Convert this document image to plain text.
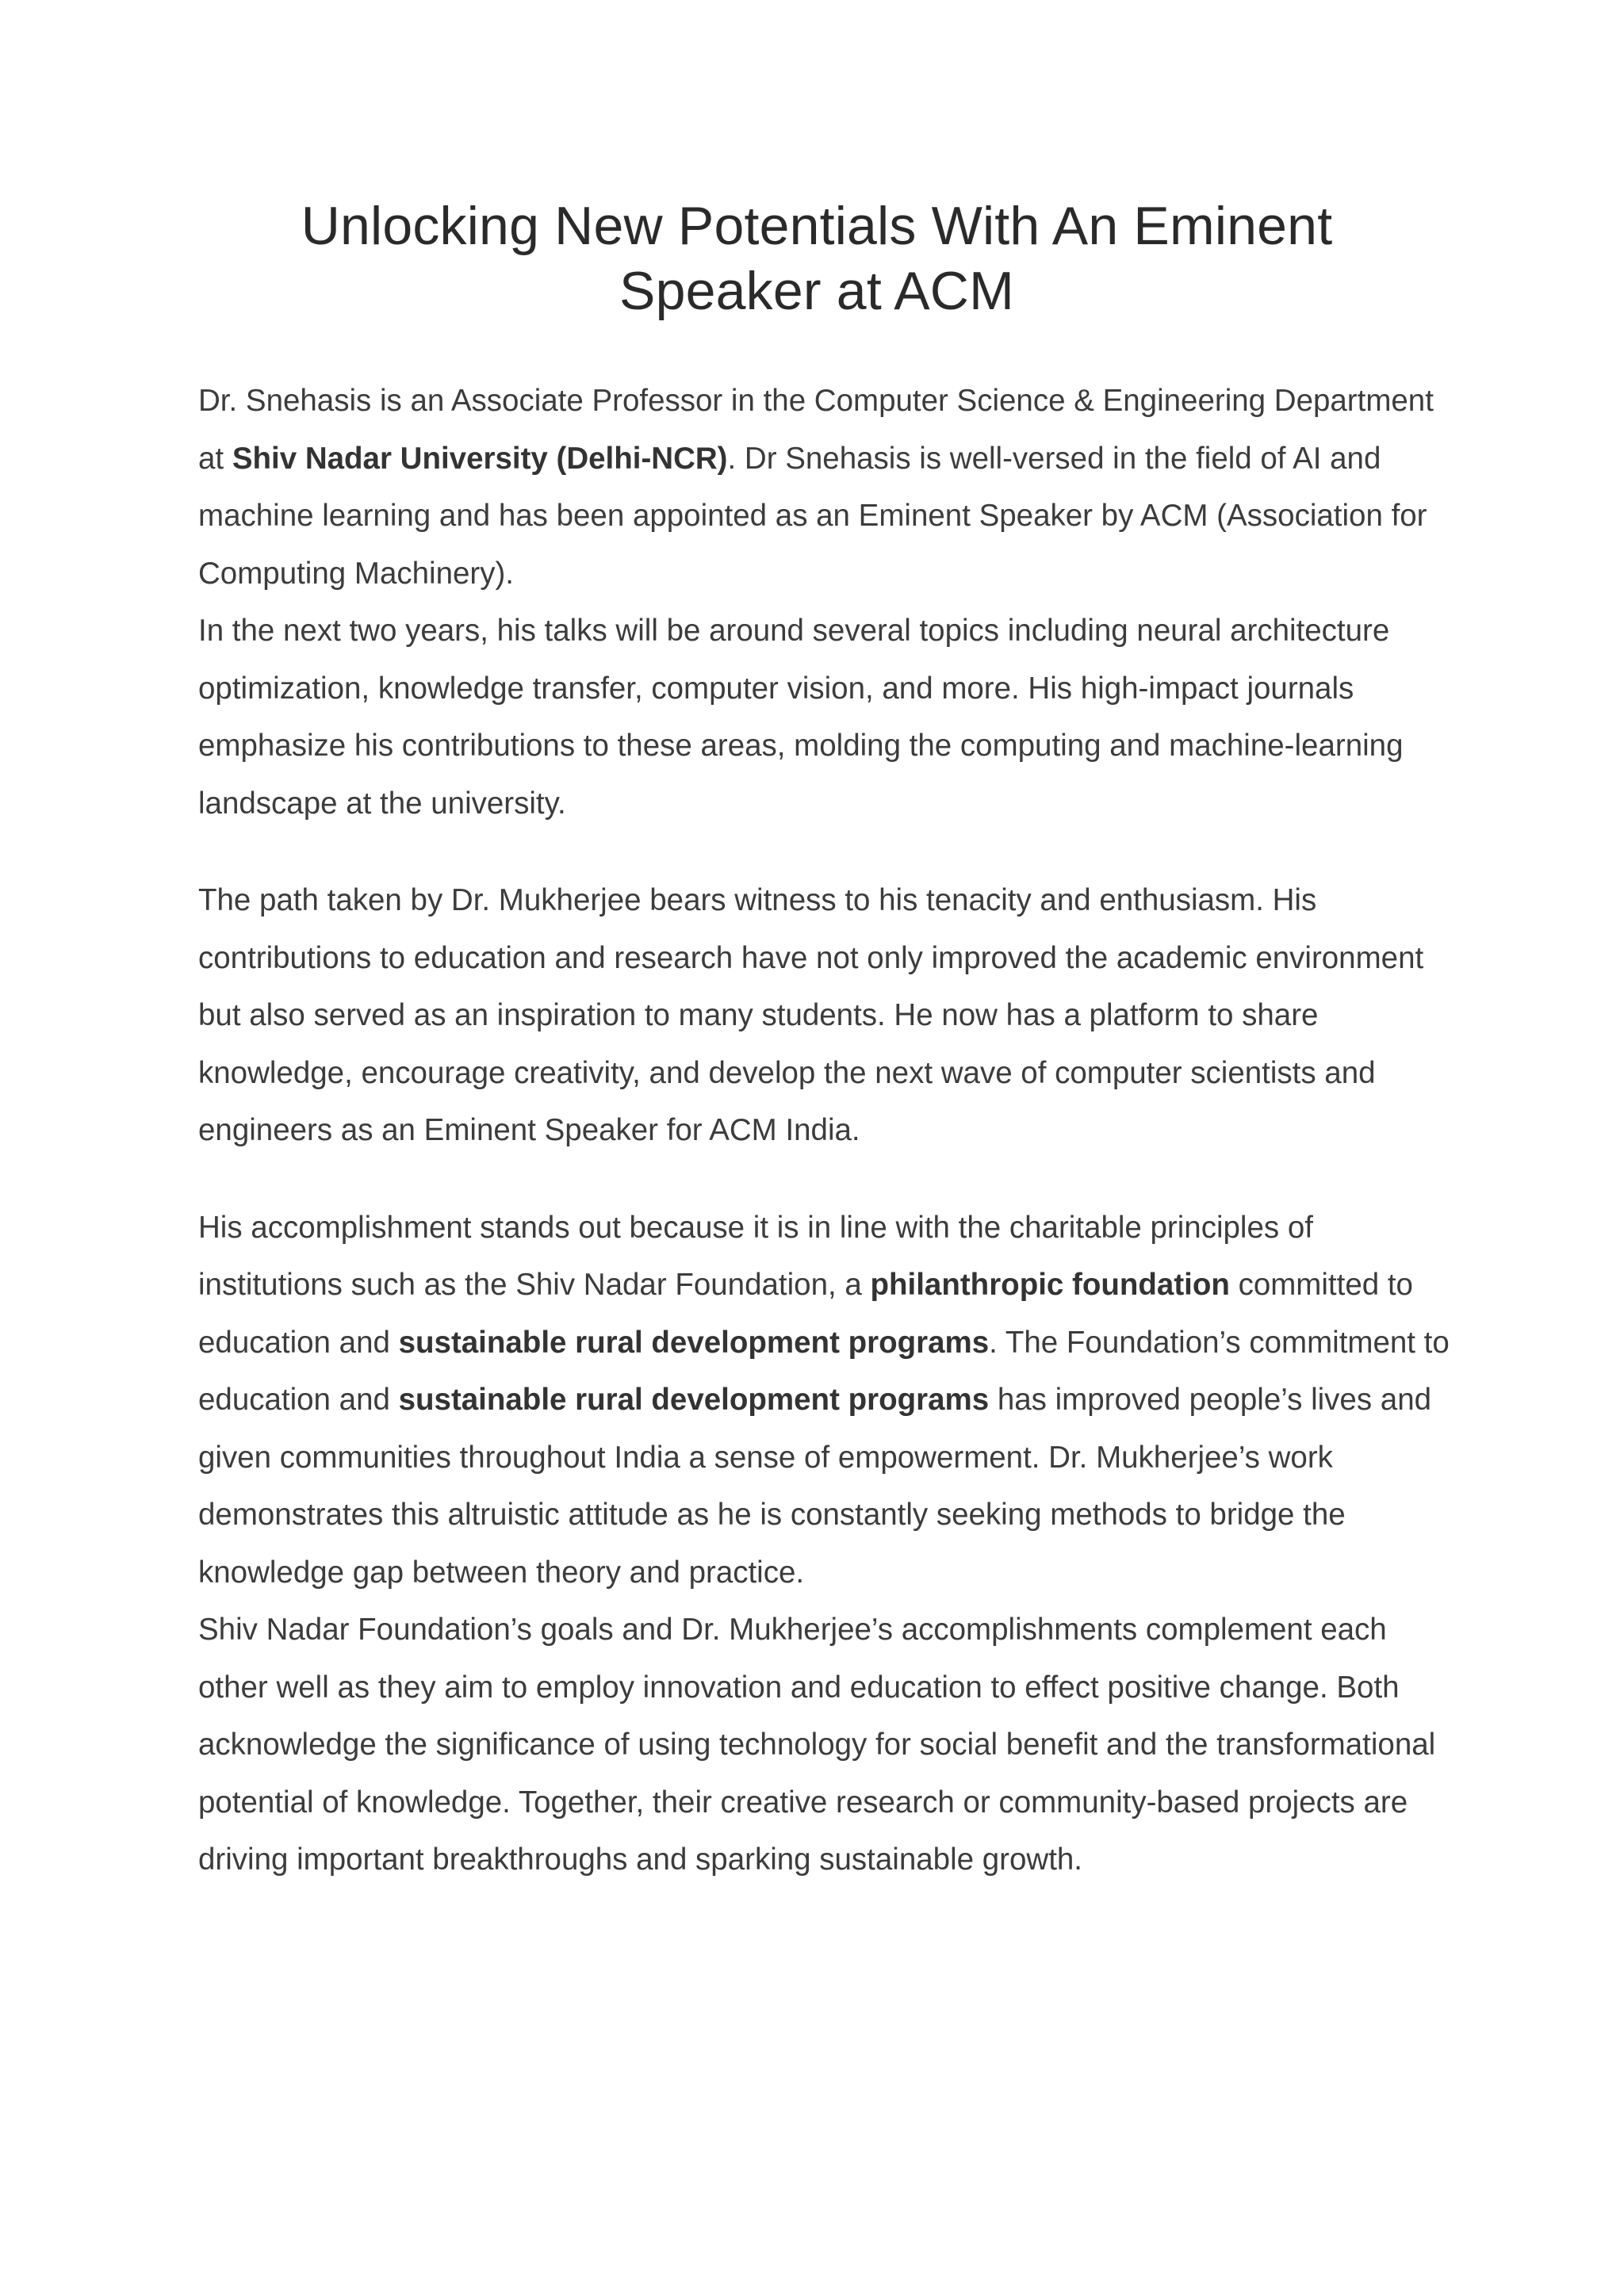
Unlocking New Potentials With An Eminent Speaker at ACM

Dr. Snehasis is an Associate Professor in the Computer Science & Engineering Department at Shiv Nadar University (Delhi-NCR). Dr Snehasis is well-versed in the field of AI and machine learning and has been appointed as an Eminent Speaker by ACM (Association for Computing Machinery).

In the next two years, his talks will be around several topics including neural architecture optimization, knowledge transfer, computer vision, and more. His high-impact journals emphasize his contributions to these areas, molding the computing and machine-learning landscape at the university.

The path taken by Dr. Mukherjee bears witness to his tenacity and enthusiasm. His contributions to education and research have not only improved the academic environment but also served as an inspiration to many students. He now has a platform to share knowledge, encourage creativity, and develop the next wave of computer scientists and engineers as an Eminent Speaker for ACM India.

His accomplishment stands out because it is in line with the charitable principles of institutions such as the Shiv Nadar Foundation, a philanthropic foundation committed to education and sustainable rural development programs. The Foundation’s commitment to education and sustainable rural development programs has improved people’s lives and given communities throughout India a sense of empowerment. Dr. Mukherjee’s work demonstrates this altruistic attitude as he is constantly seeking methods to bridge the knowledge gap between theory and practice.

Shiv Nadar Foundation’s goals and Dr. Mukherjee’s accomplishments complement each other well as they aim to employ innovation and education to effect positive change. Both acknowledge the significance of using technology for social benefit and the transformational potential of knowledge. Together, their creative research or community-based projects are driving important breakthroughs and sparking sustainable growth.
